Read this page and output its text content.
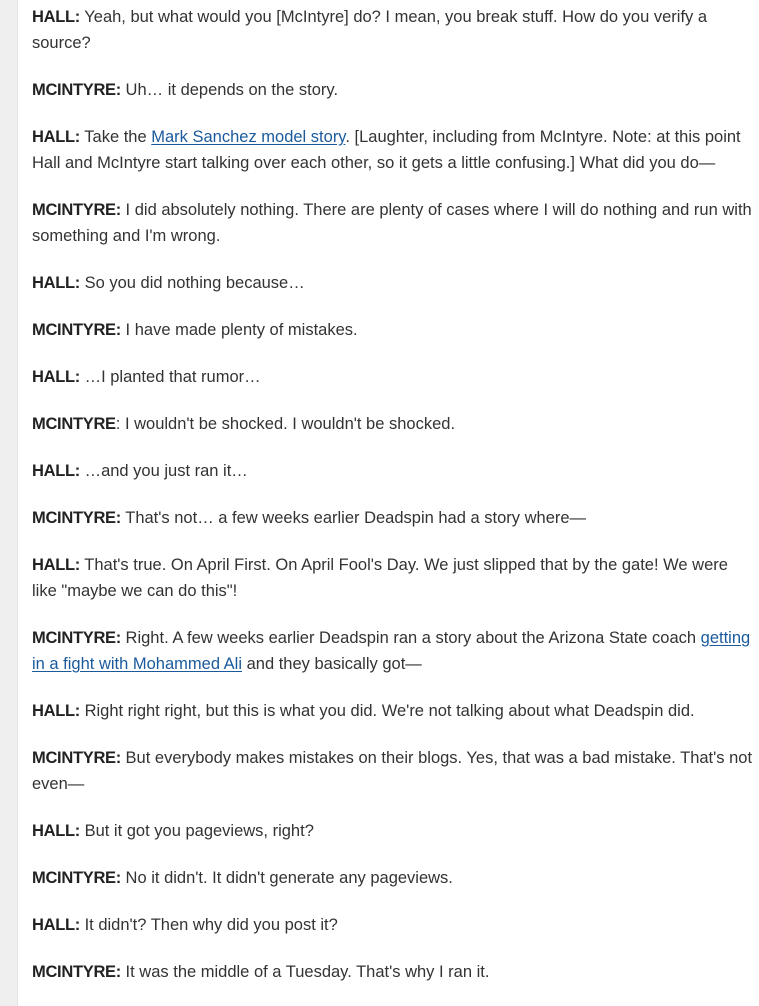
HALL: Yeah, but what would you [McIntyre] do? I mean, you break stuff. How do you verify a source?

MCINTYRE: Uh… it depends on the story.

HALL: Take the Mark Sanchez model story. [Laughter, including from McIntyre. Note: at this point Hall and McIntyre start talking over each other, so it gets a little confusing.] What did you do—

MCINTYRE: I did absolutely nothing. There are plenty of cases where I will do nothing and run with something and I'm wrong.

HALL: So you did nothing because…

MCINTYRE: I have made plenty of mistakes.

HALL: …I planted that rumor…

MCINTYRE: I wouldn't be shocked. I wouldn't be shocked.

HALL: …and you just ran it…

MCINTYRE: That's not… a few weeks earlier Deadspin had a story where—

HALL: That's true. On April First. On April Fool's Day. We just slipped that by the gate! We were like "maybe we can do this"!

MCINTYRE: Right. A few weeks earlier Deadspin ran a story about the Arizona State coach getting in a fight with Mohammed Ali and they basically got—

HALL: Right right right, but this is what you did. We're not talking about what Deadspin did.

MCINTYRE: But everybody makes mistakes on their blogs. Yes, that was a bad mistake. That's not even—

HALL: But it got you pageviews, right?

MCINTYRE: No it didn't. It didn't generate any pageviews.

HALL: It didn't? Then why did you post it?

MCINTYRE: It was the middle of a Tuesday. That's why I ran it.
